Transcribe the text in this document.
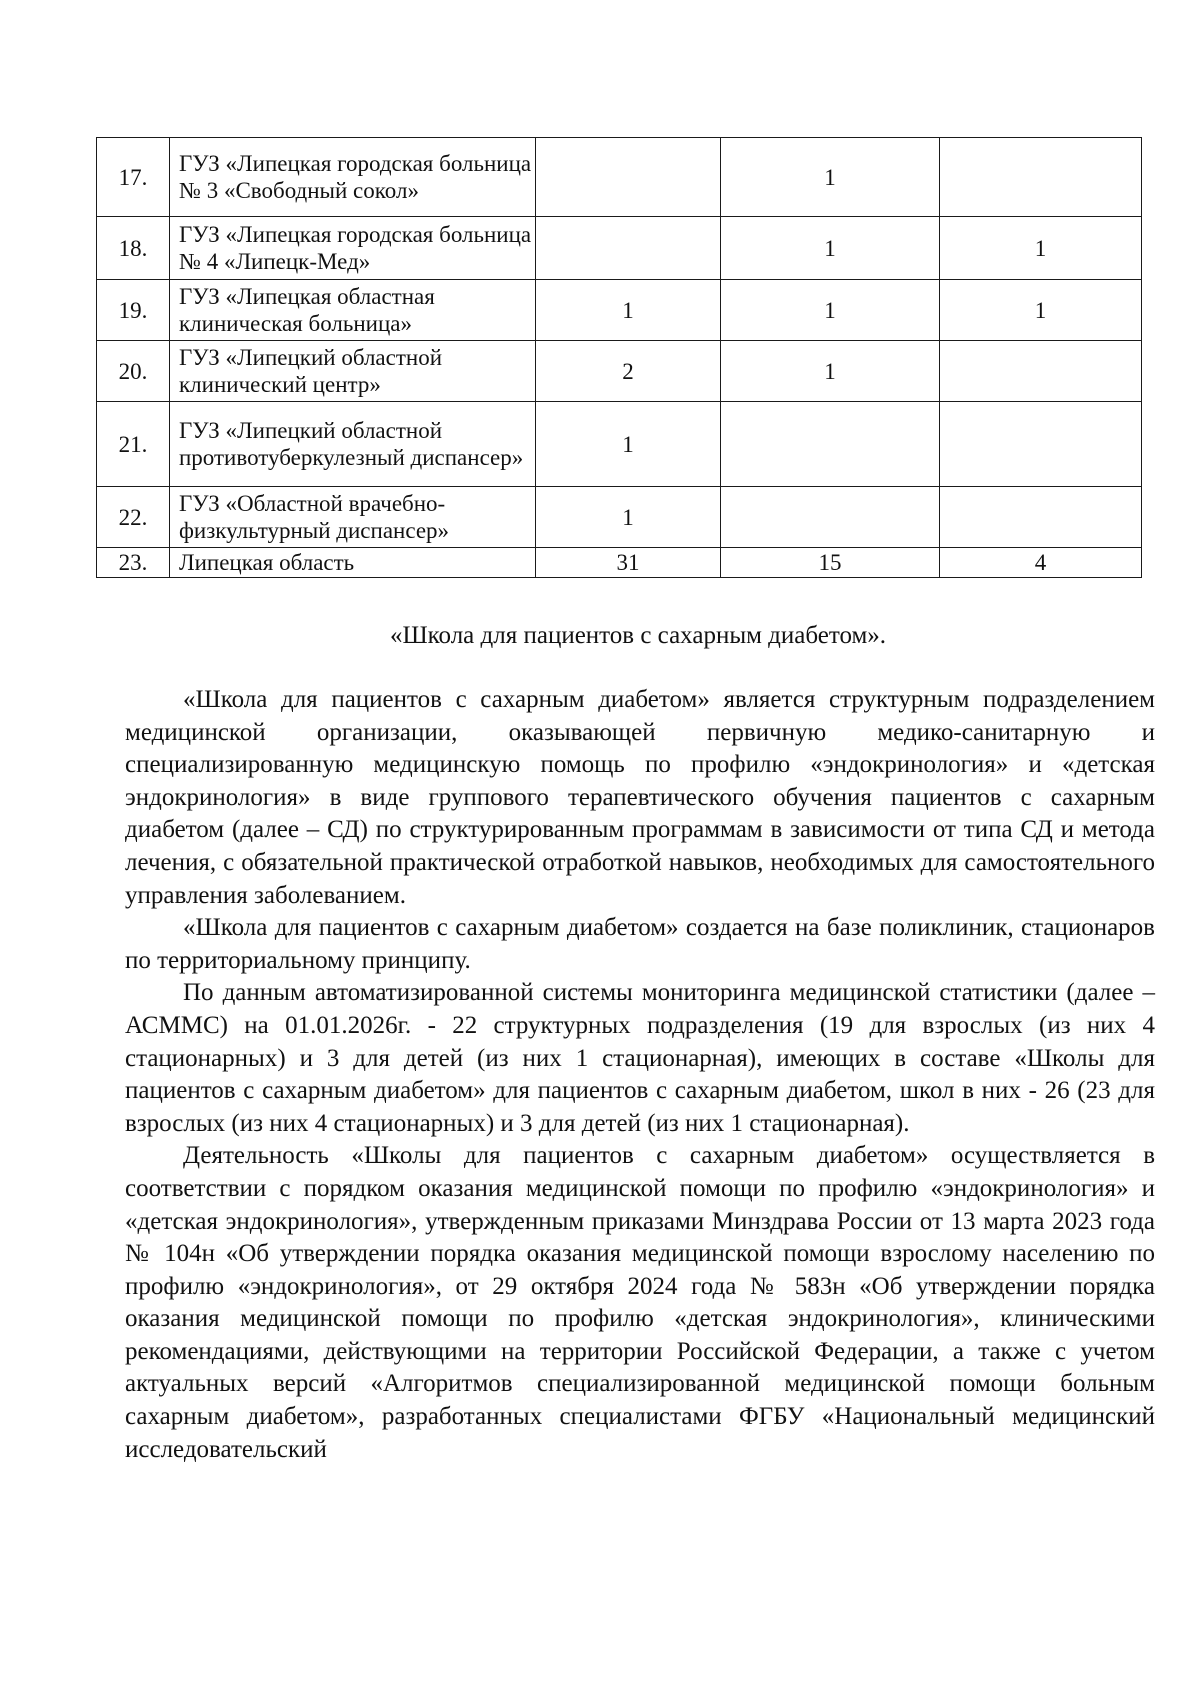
17.	ГУЗ «Липецкая городская больница № 3 «Свободный сокол»		1	
18.	ГУЗ «Липецкая городская больница № 4 «Липецк-Мед»		1	1
19.	ГУЗ «Липецкая областная клиническая больница»	1	1	1
20.	ГУЗ «Липецкий областной клинический центр»	2	1	
21.	ГУЗ «Липецкий областной противотуберкулезный диспансер»	1		
22.	ГУЗ «Областной врачебно-физкультурный диспансер»	1		
23.	Липецкая область	31	15	4
«Школа для пациентов с сахарным диабетом».

«Школа для пациентов с сахарным диабетом» является структурным подразделением медицинской организации, оказывающей первичную медико-санитарную и специализированную медицинскую помощь по профилю «эндокринология» и «детская эндокринология» в виде группового терапевтического обучения пациентов с сахарным диабетом (далее – СД) по структурированным программам в зависимости от типа СД и метода лечения, с обязательной практической отработкой навыков, необходимых для самостоятельного управления заболеванием.

«Школа для пациентов с сахарным диабетом» создается на базе поликлиник, стационаров по территориальному принципу.

По данным автоматизированной системы мониторинга медицинской статистики (далее – АСММС) на 01.01.2026г. - 22 структурных подразделения (19 для взрослых (из них 4 стационарных) и 3 для детей (из них 1 стационарная), имеющих в составе «Школы для пациентов с сахарным диабетом» для пациентов с сахарным диабетом, школ в них - 26 (23 для взрослых (из них 4 стационарных) и 3 для детей (из них 1 стационарная).

Деятельность «Школы для пациентов с сахарным диабетом» осуществляется в соответствии с порядком оказания медицинской помощи по профилю «эндокринология» и «детская эндокринология», утвержденным приказами Минздрава России от 13 марта 2023 года № 104н «Об утверждении порядка оказания медицинской помощи взрослому населению по профилю «эндокринология», от 29 октября 2024 года № 583н «Об утверждении порядка оказания медицинской помощи по профилю «детская эндокринология», клиническими рекомендациями, действующими на территории Российской Федерации, а также с учетом актуальных версий «Алгоритмов специализированной медицинской помощи больным сахарным диабетом», разработанных специалистами ФГБУ «Национальный медицинский исследовательский
